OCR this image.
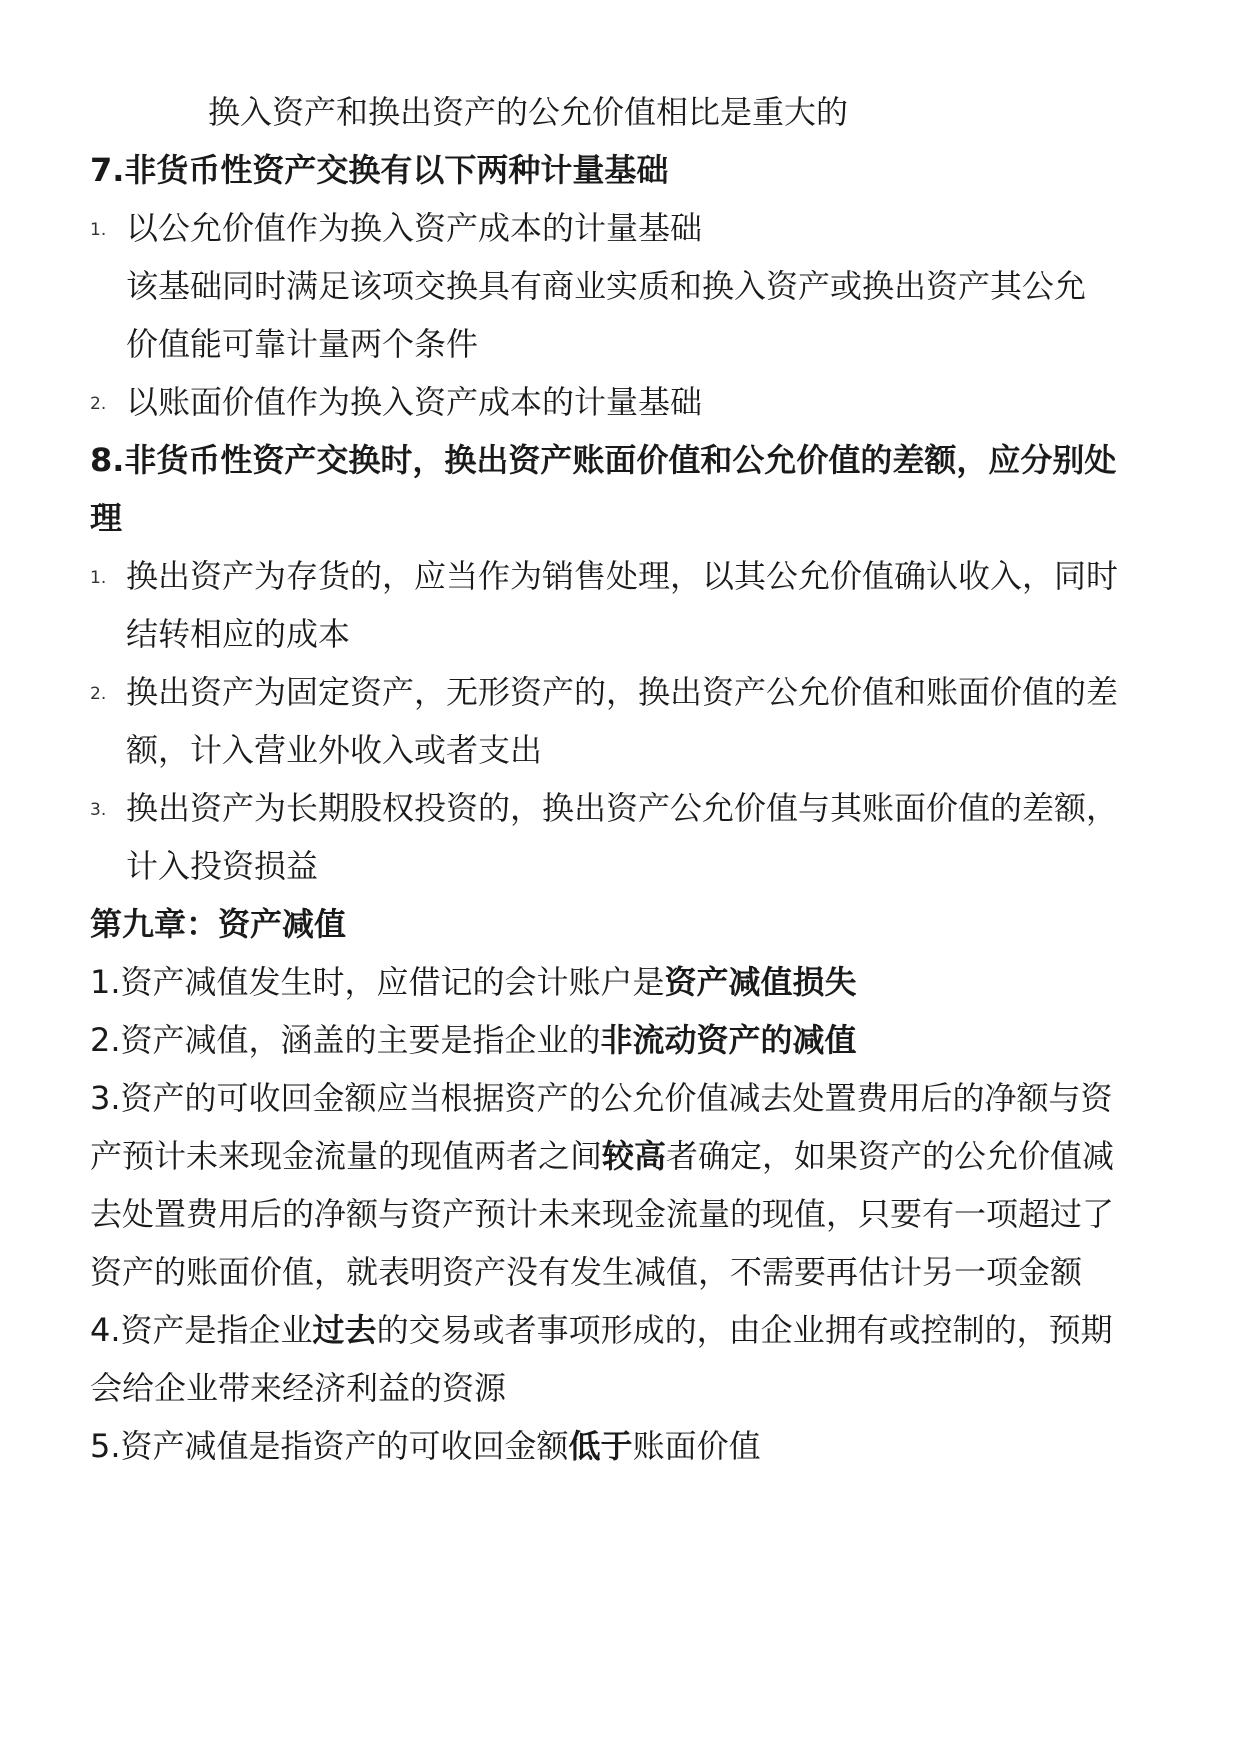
换入资产和换出资产的公允价值相比是重大的
7.非货币性资产交换有以下两种计量基础
1. 以公允价值作为换入资产成本的计量基础
该基础同时满足该项交换具有商业实质和换入资产或换出资产其公允
价值能可靠计量两个条件
2. 以账面价值作为换入资产成本的计量基础
8.非货币性资产交换时，换出资产账面价值和公允价值的差额，应分别处
理
1. 换出资产为存货的，应当作为销售处理，以其公允价值确认收入，同时
结转相应的成本
2. 换出资产为固定资产，无形资产的，换出资产公允价值和账面价值的差
额，计入营业外收入或者支出
3. 换出资产为长期股权投资的，换出资产公允价值与其账面价值的差额，
计入投资损益
第九章：资产减值
1.资产减值发生时，应借记的会计账户是资产减值损失
2.资产减值，涵盖的主要是指企业的非流动资产的减值
3.资产的可收回金额应当根据资产的公允价值减去处置费用后的净额与资
产预计未来现金流量的现值两者之间较高者确定，如果资产的公允价值减
去处置费用后的净额与资产预计未来现金流量的现值，只要有一项超过了
资产的账面价值，就表明资产没有发生减值，不需要再估计另一项金额
4.资产是指企业过去的交易或者事项形成的，由企业拥有或控制的，预期
会给企业带来经济利益的资源
5.资产减值是指资产的可收回金额低于账面价值
